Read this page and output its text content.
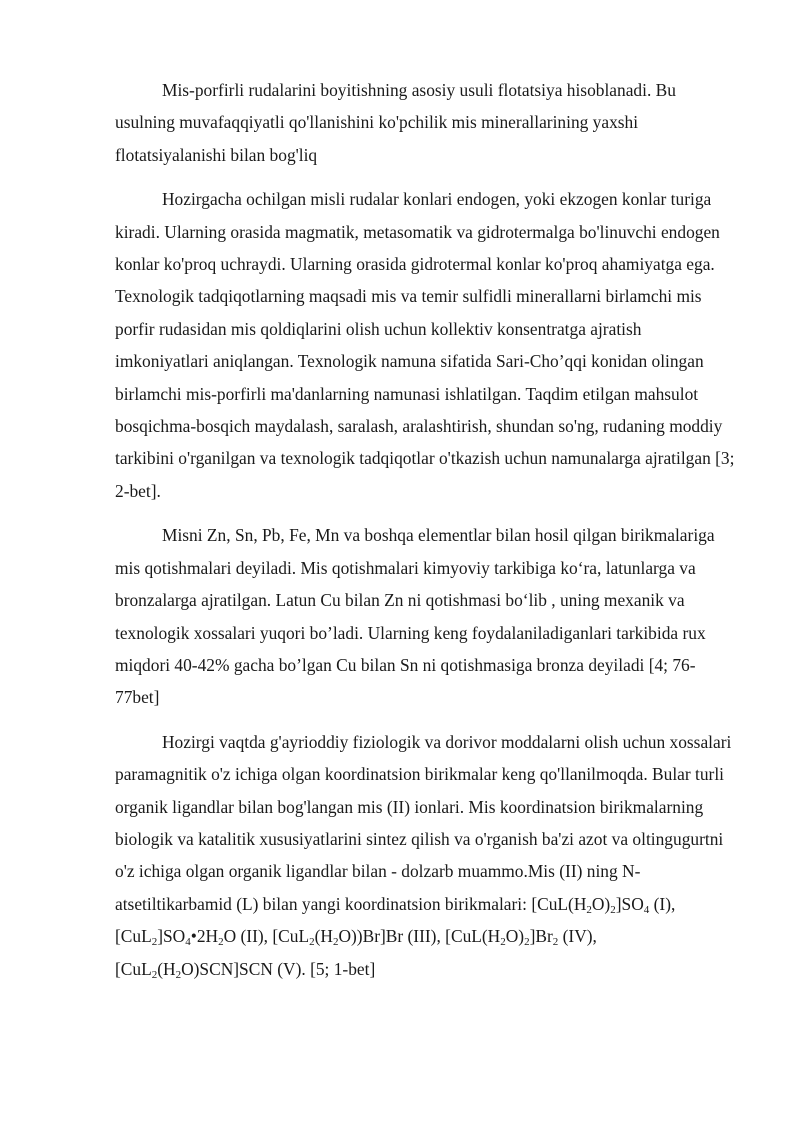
Mis-porfirli rudalarini boyitishning asosiy usuli flotatsiya hisoblanadi. Bu usulning muvafaqqiyatli qo'llanishini ko'pchilik mis minerallarining yaxshi flotatsiyalanishi bilan bog'liq

Hozirgacha ochilgan misli rudalar konlari endogen, yoki ekzogen konlar turiga kiradi. Ularning orasida magmatik, metasomatik va gidrotermalga bo'linuvchi endogen konlar ko'proq uchraydi. Ularning orasida gidrotermal konlar ko'proq ahamiyatga ega. Texnologik tadqiqotlarning maqsadi mis va temir sulfidli minerallarni birlamchi mis porfir rudasidan mis qoldiqlarini olish uchun kollektiv konsentratga ajratish imkoniyatlari aniqlangan. Texnologik namuna sifatida Sari-Cho’qqi konidan olingan birlamchi mis-porfirli ma'danlarning namunasi ishlatilgan. Taqdim etilgan mahsulot bosqichma-bosqich maydalash, saralash, aralashtirish, shundan so'ng, rudaning moddiy tarkibini o'rganilgan va texnologik tadqiqotlar o'tkazish uchun namunalarga ajratilgan [3; 2-bet].

Misni Zn, Sn, Pb, Fe, Mn va boshqa elementlar bilan hosil qilgan birikmalariga mis qotishmalari deyiladi. Mis qotishmalari kimyoviy tarkibiga ko‘ra, latunlarga va bronzalarga ajratilgan. Latun Cu bilan Zn ni qotishmasi bo‘lib , uning mexanik va texnologik xossalari yuqori bo’ladi. Ularning keng foydalaniladiganlari tarkibida rux miqdori 40-42% gacha bo’lgan Cu bilan Sn ni qotishmasiga bronza deyiladi [4; 76-77bet]

Hozirgi vaqtda g'ayrioddiy fiziologik va dorivor moddalarni olish uchun xossalari paramagnitik o'z ichiga olgan koordinatsion birikmalar keng qo'llanilmoqda. Bular turli organik ligandlar bilan bog'langan mis (II) ionlari. Mis koordinatsion birikmalarning biologik va katalitik xususiyatlarini sintez qilish va o'rganish ba'zi azot va oltingugurtni o'z ichiga olgan organik ligandlar bilan - dolzarb muammo.Mis (II) ning N-atsetiltikarbamid (L) bilan yangi koordinatsion birikmalari: $[CuL(H_2O)_2]SO_4$ (I), $[CuL_2]SO_4•2H_2O$ (II), $[CuL_2(H_2O))Br]Br$ (III), $[CuL(H_2O)_2]Br_2$ (IV), $[CuL_2(H_2O)SCN]SCN$ (V). [5; 1-bet]
